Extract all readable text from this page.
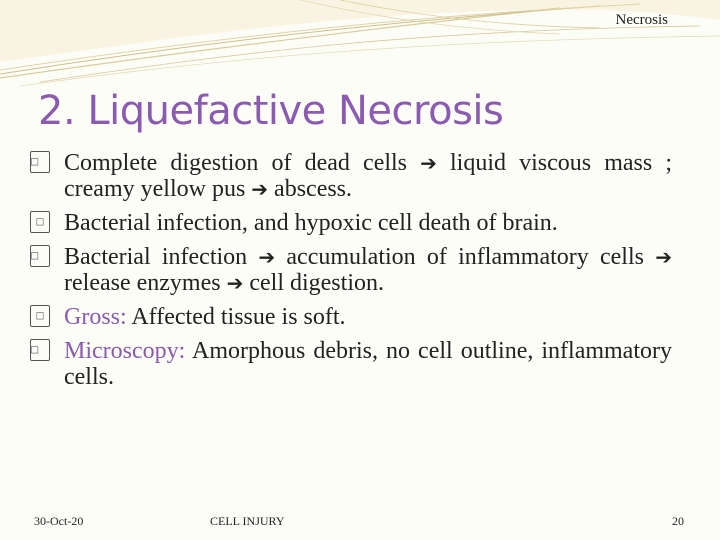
Necrosis
2. Liquefactive Necrosis
□	Complete digestion of dead cells ➔ liquid viscous mass ; creamy yellow pus ➔ abscess.
□ Bacterial infection, and hypoxic cell death of brain.
□	Bacterial infection ➔ accumulation of inflammatory cells ➔ release enzymes ➔ cell digestion.
□ Gross: Affected tissue is soft.
□	Microscopy: Amorphous debris, no cell outline, inflammatory cells.
30-Oct-20	CELL INJURY	20
